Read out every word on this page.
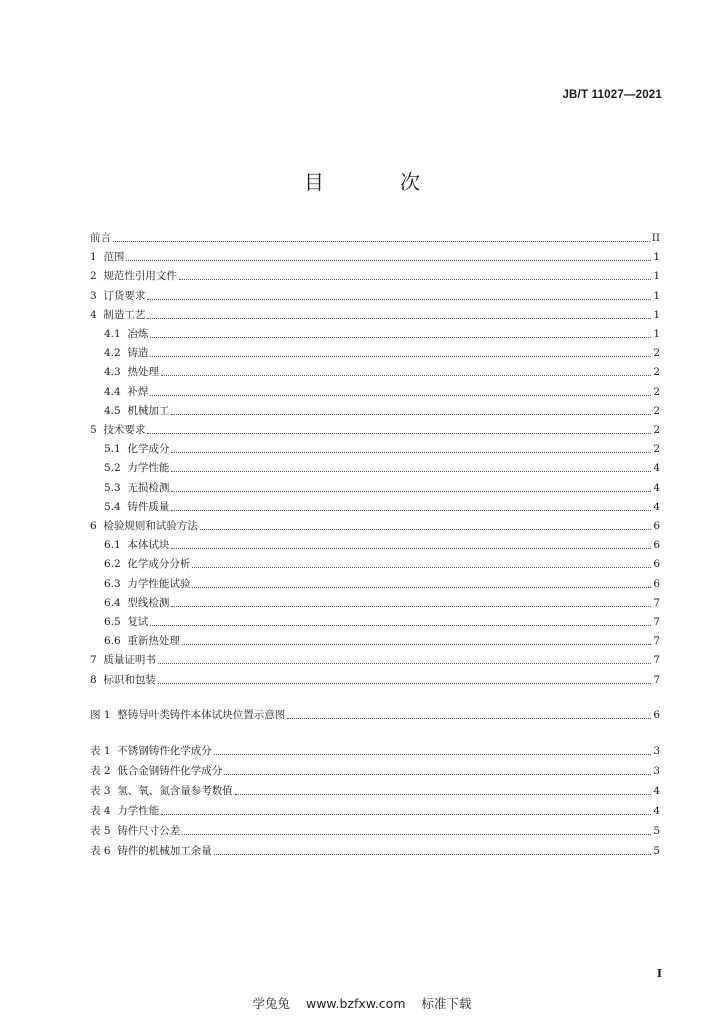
JB/T 11027—2021
目　次
前言	II
1 范围	1
2 规范性引用文件	1
3 订货要求	1
4 制造工艺	1
4.1 冶炼	1
4.2 铸造	2
4.3 热处理	2
4.4 补焊	2
4.5 机械加工	2
5 技术要求	2
5.1 化学成分	2
5.2 力学性能	4
5.3 无损检测	4
5.4 铸件质量	4
6 检验规则和试验方法	6
6.1 本体试块	6
6.2 化学成分分析	6
6.3 力学性能试验	6
6.4 型线检测	7
6.5 复试	7
6.6 重新热处理	7
7 质量证明书	7
8 标识和包装	7
图 1 整铸导叶类铸件本体试块位置示意图	6
表 1 不锈钢铸件化学成分	3
表 2 低合金钢铸件化学成分	3
表 3 氢、氧、氮含量参考数值	4
表 4 力学性能	4
表 5 铸件尺寸公差	5
表 6 铸件的机械加工余量	5
I
学兔兔 www.bzfxw.com 标准下载
